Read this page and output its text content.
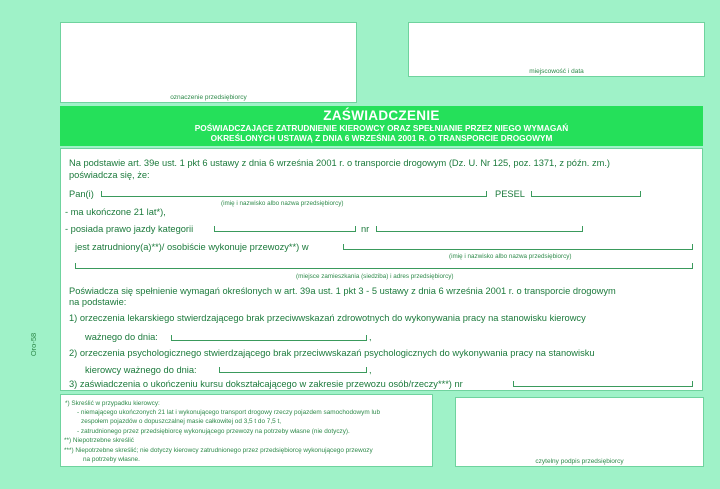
oznaczenie przedsiębiorcy
miejscowość i data
ZAŚWIADCZENIE
POŚWIADCZAJĄCE ZATRUDNIENIE KIEROWCY ORAZ SPEŁNIANIE PRZEZ NIEGO WYMAGAŃ
OKREŚLONYCH USTAWĄ Z DNIA 6 WRZEŚNIA 2001 R. O TRANSPORCIE DROGOWYM
Oro-58
Na podstawie art. 39e ust. 1 pkt 6 ustawy z dnia 6 września 2001 r. o transporcie drogowym (Dz. U. Nr 125, poz. 1371, z późn. zm.)
poświadcza się, że:
Pan(i)
(imię i nazwisko albo nazwa przedsiębiorcy)
PESEL
- ma ukończone 21 lat*),
- posiada prawo jazdy kategorii	nr
jest zatrudniony(a)**)/ osobiście wykonuje przewozy**) w
(imię i nazwisko albo nazwa przedsiębiorcy)
(miejsce zamieszkania (siedziba) i adres przedsiębiorcy)
Poświadcza się spełnienie wymagań określonych w art. 39a ust. 1 pkt 3 - 5 ustawy z dnia 6 września 2001 r. o transporcie drogowym
na podstawie:
1) orzeczenia lekarskiego stwierdzającego brak przeciwwskazań zdrowotnych do wykonywania pracy na stanowisku kierowcy
ważnego do dnia:	,
2) orzeczenia psychologicznego stwierdzającego brak przeciwwskazań psychologicznych do wykonywania pracy na stanowisku
kierowcy ważnego do dnia:	,
3) zaświadczenia o ukończeniu kursu dokształcającego w zakresie przewozu osób/rzeczy***) nr
*) Skreślić w przypadku kierowcy:
- niemającego ukończonych 21 lat i wykonującego transport drogowy rzeczy pojazdem samochodowym lub
zespołem pojazdów o dopuszczalnej masie całkowitej od 3,5 t do 7,5 t,
- zatrudnionego przez przedsiębiorcę wykonującego przewozy na potrzeby własne (nie dotyczy).
**) Niepotrzebne skreślić
***) Niepotrzebne skreślić; nie dotyczy kierowcy zatrudnionego przez przedsiębiorcę wykonującego przewozy
na potrzeby własne.	czytelny podpis przedsiębiorcy
